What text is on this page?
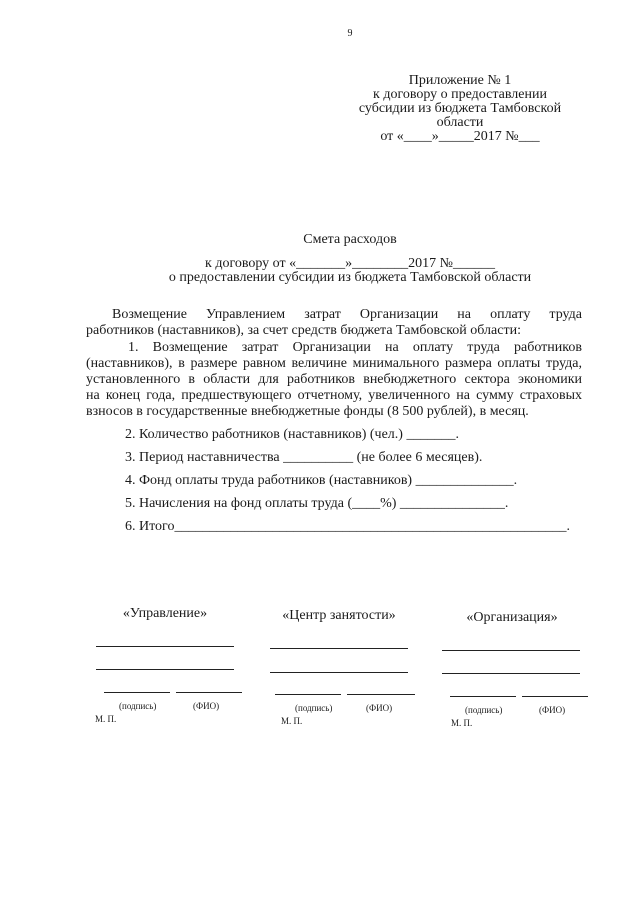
9
Приложение № 1
к договору о предоставлении
субсидии из бюджета Тамбовской
области
от «____»_____2017 №___
Смета расходов
к договору от «_______»________2017 №______
о предоставлении субсидии из бюджета Тамбовской области
Возмещение Управлением затрат Организации на оплату труда
работников (наставников), за счет средств бюджета Тамбовской области:
1. Возмещение затрат Организации на оплату труда работников
(наставников), в размере равном величине минимального размера оплаты труда,
установленного в области для работников внебюджетного сектора экономики
на конец года, предшествующего отчетному, увеличенного на сумму страховых
взносов в государственные внебюджетные фонды (8 500 рублей), в месяц.
2. Количество работников (наставников) (чел.) _______.
3. Период наставничества __________ (не более 6 месяцев).
4. Фонд оплаты труда работников (наставников) ______________.
5. Начисления на фонд оплаты труда (____%) _______________.
6. Итого________________________________________________________.
«Управление»
(подпись)	(ФИО)
М. П.
«Центр занятости»
(подпись)	(ФИО)
М. П.
«Организация»
(подпись)	(ФИО)
М. П.
